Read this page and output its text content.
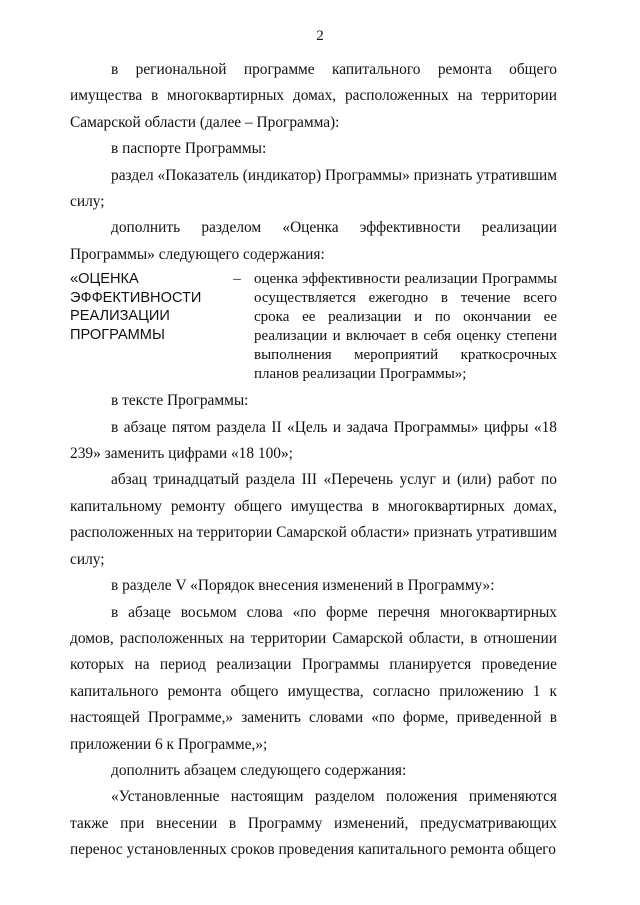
2

в региональной программе капитального ремонта общего имущества в многоквартирных домах, расположенных на территории Самарской области (далее – Программа):

в паспорте Программы:

раздел «Показатель (индикатор) Программы» признать утратившим силу;

дополнить разделом «Оценка эффективности реализации Программы» следующего содержания:

«ОЦЕНКА
ЭФФЕКТИВНОСТИ
РЕАЛИЗАЦИИ
ПРОГРАММЫ
– оценка эффективности реализации Программы осуществляется ежегодно в течение всего срока ее реализации и по окончании ее реализации и включает в себя оценку степени выполнения мероприятий краткосрочных планов реализации Программы»;

в тексте Программы:

в абзаце пятом раздела II «Цель и задача Программы» цифры «18 239» заменить цифрами «18 100»;

абзац тринадцатый раздела III «Перечень услуг и (или) работ по капитальному ремонту общего имущества в многоквартирных домах, расположенных на территории Самарской области» признать утратившим силу;

в разделе V «Порядок внесения изменений в Программу»:

в абзаце восьмом слова «по форме перечня многоквартирных домов, расположенных на территории Самарской области, в отношении которых на период реализации Программы планируется проведение капитального ремонта общего имущества, согласно приложению 1 к настоящей Программе,» заменить словами «по форме, приведенной в приложении 6 к Программе,»;

дополнить абзацем следующего содержания:

«Установленные настоящим разделом положения применяются также при внесении в Программу изменений, предусматривающих перенос установленных сроков проведения капитального ремонта общего
